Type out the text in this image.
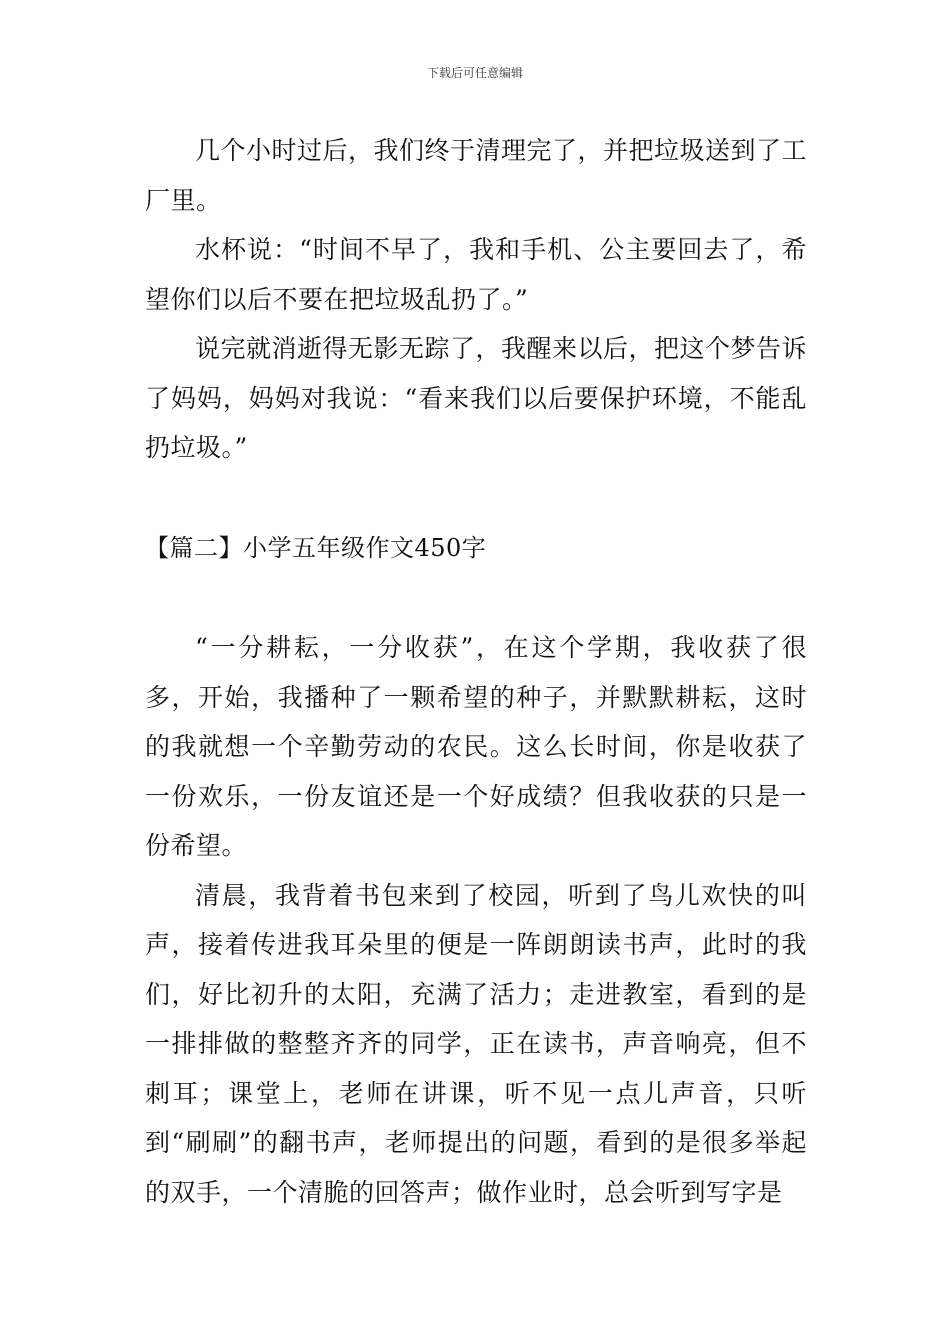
下载后可任意编辑

几个小时过后，我们终于清理完了，并把垃圾送到了工厂里。

水杯说：“时间不早了，我和手机、公主要回去了，希望你们以后不要在把垃圾乱扔了。”

说完就消逝得无影无踪了，我醒来以后，把这个梦告诉了妈妈，妈妈对我说：“看来我们以后要保护环境，不能乱扔垃圾。”

【篇二】小学五年级作文450字

“一分耕耘，一分收获”，在这个学期，我收获了很多，开始，我播种了一颗希望的种子，并默默耕耘，这时的我就想一个辛勤劳动的农民。这么长时间，你是收获了一份欢乐，一份友谊还是一个好成绩？但我收获的只是一份希望。

清晨，我背着书包来到了校园，听到了鸟儿欢快的叫声，接着传进我耳朵里的便是一阵朗朗读书声，此时的我们，好比初升的太阳，充满了活力；走进教室，看到的是一排排做的整整齐齐的同学，正在读书，声音响亮，但不刺耳；课堂上，老师在讲课，听不见一点儿声音，只听到“刷刷”的翻书声，老师提出的问题，看到的是很多举起的双手，一个清脆的回答声；做作业时，总会听到写字是
